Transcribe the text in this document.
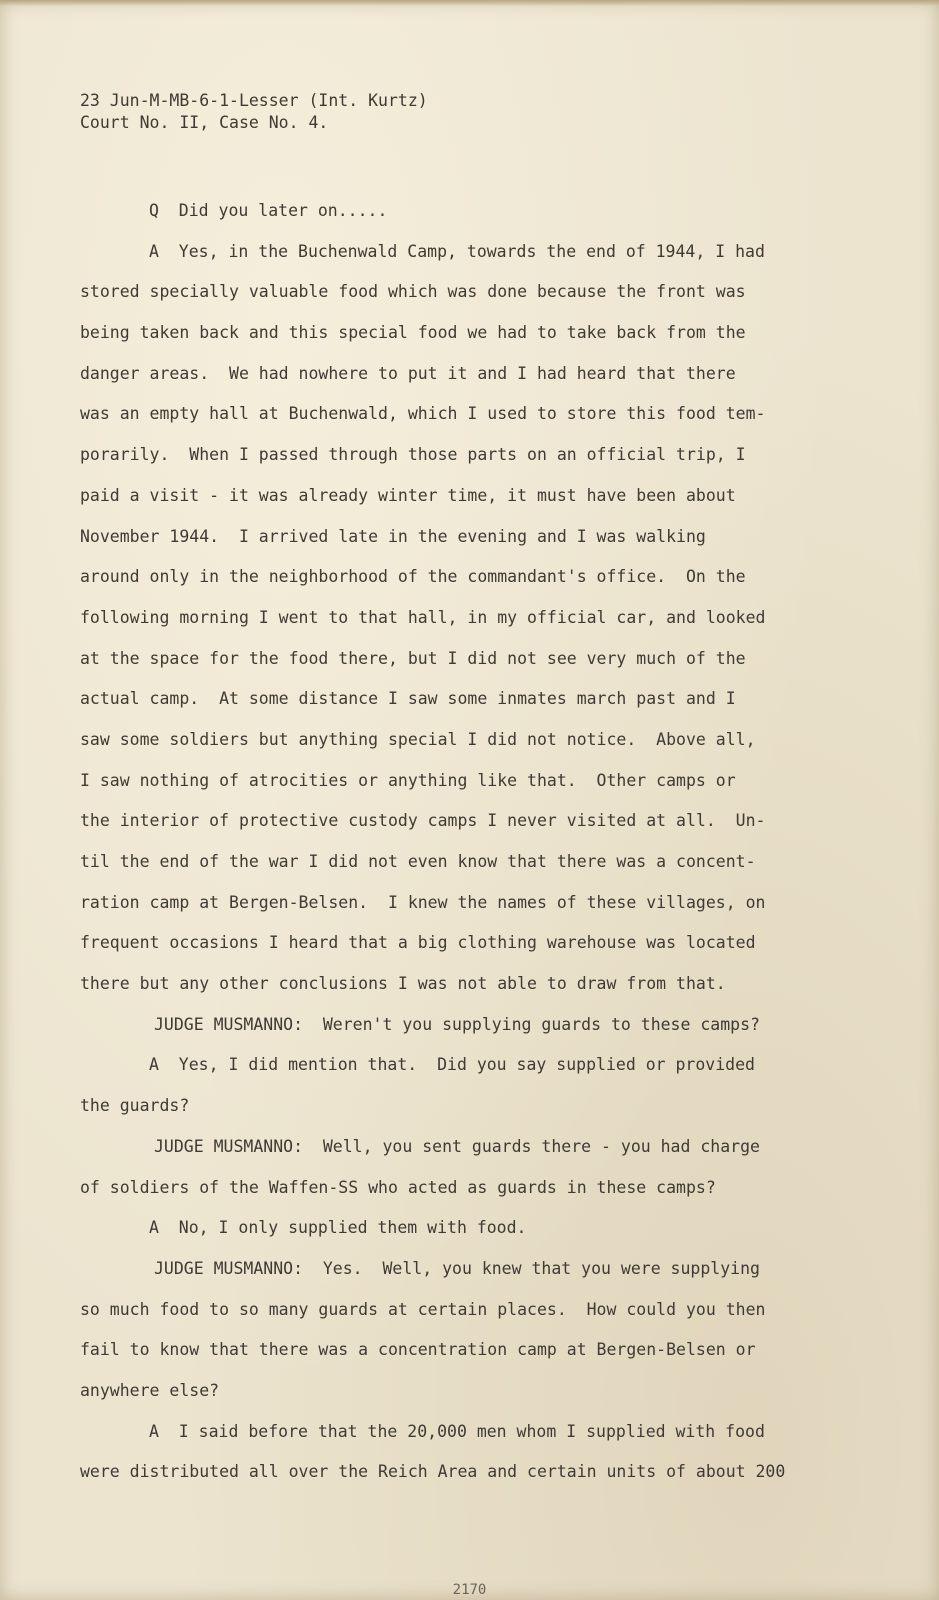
23 Jun-M-MB-6-1-Lesser (Int. Kurtz)
Court No. II, Case No. 4.
Q  Did you later on.....
A  Yes, in the Buchenwald Camp, towards the end of 1944, I had
stored specially valuable food which was done because the front was
being taken back and this special food we had to take back from the
danger areas.  We had nowhere to put it and I had heard that there
was an empty hall at Buchenwald, which I used to store this food tem-
porarily.  When I passed through those parts on an official trip, I
paid a visit - it was already winter time, it must have been about
November 1944.  I arrived late in the evening and I was walking
around only in the neighborhood of the commandant's office.  On the
following morning I went to that hall, in my official car, and looked
at the space for the food there, but I did not see very much of the
actual camp.  At some distance I saw some inmates march past and I
saw some soldiers but anything special I did not notice.  Above all,
I saw nothing of atrocities or anything like that.  Other camps or
the interior of protective custody camps I never visited at all.  Un-
til the end of the war I did not even know that there was a concent-
ration camp at Bergen-Belsen.  I knew the names of these villages, on
frequent occasions I heard that a big clothing warehouse was located
there but any other conclusions I was not able to draw from that.
JUDGE MUSMANNO:  Weren't you supplying guards to these camps?
A  Yes, I did mention that.  Did you say supplied or provided
the guards?
JUDGE MUSMANNO:  Well, you sent guards there - you had charge
of soldiers of the Waffen-SS who acted as guards in these camps?
A  No, I only supplied them with food.
JUDGE MUSMANNO:  Yes.  Well, you knew that you were supplying
so much food to so many guards at certain places.  How could you then
fail to know that there was a concentration camp at Bergen-Belsen or
anywhere else?
A  I said before that the 20,000 men whom I supplied with food
were distributed all over the Reich Area and certain units of about 200
2170
